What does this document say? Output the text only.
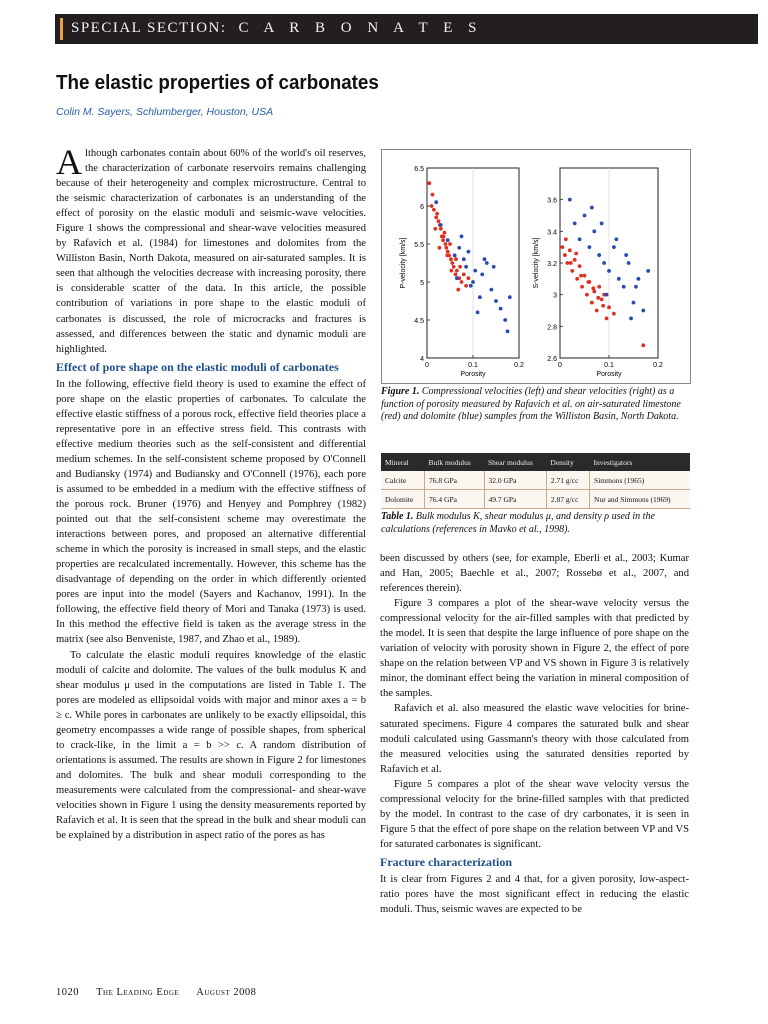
SPECIAL SECTION: C A R B O N A T E S
The elastic properties of carbonates
Colin M. Sayers, Schlumberger, Houston, USA

Although carbonates contain about 60% of the world's oil reserves, the characterization of carbonate reservoirs remains challenging because of their heterogeneity and complex microstructure. Central to the seismic characterization of carbonates is an understanding of the effect of porosity on the elastic moduli and seismic-wave velocities. Figure 1 shows the compressional and shear-wave velocities measured by Rafavich et al. (1984) for limestones and dolomites from the Williston Basin, North Dakota, measured on air-saturated samples. It is seen that although the velocities decrease with increasing porosity, there is considerable scatter of the data. In this article, the possible contribution of variations in pore shape to the elastic moduli of carbonates is discussed, the role of microcracks and fractures is assessed, and differences between the static and dynamic moduli are highlighted.

Effect of pore shape on the elastic moduli of carbonates

In the following, effective field theory is used to examine the effect of pore shape on the elastic properties of carbonates. To calculate the effective elastic stiffness of a porous rock, effective field theories place a representative pore in an effective stress field. This contrasts with effective medium theories such as the self-consistent and differential medium schemes. In the self-consistent scheme proposed by O'Connell and Budiansky (1974) and Budiansky and O'Connell (1976), each pore is assumed to be embedded in a medium with the effective stiffness of the porous rock. Bruner (1976) and Henyey and Pomphrey (1982) pointed out that the self-consistent scheme may overestimate the interactions between pores, and proposed an alternative differential scheme in which the porosity is increased in small steps, and the elastic properties are recalculated incrementally. However, this scheme has the disadvantage of depending on the order in which differently oriented pores are input into the model (Sayers and Kachanov, 1991). In the following, the effective field theory of Mori and Tanaka (1973) is used. In this method the effective field is taken as the average stress in the matrix (see also Benveniste, 1987, and Zhao et al., 1989).

To calculate the elastic moduli requires knowledge of the elastic moduli of calcite and dolomite. The values of the bulk modulus K and shear modulus μ used in the computations are listed in Table 1. The pores are modeled as ellipsoidal voids with major and minor axes a = b ≥ c. While pores in carbonates are unlikely to be exactly ellipsoidal, this geometry encompasses a wide range of possible shapes, from spherical to crack-like, in the limit a = b >> c. A random distribution of orientations is assumed. The results are shown in Figure 2 for limestones and dolomites. The bulk and shear moduli corresponding to the measurements were calculated from the compressional- and shear-wave velocities shown in Figure 1 using the density measurements reported by Rafavich et al. It is seen that the spread in the bulk and shear moduli can be explained by a distribution in aspect ratio of the pores as has

4
4.5
5
5.5
6
6.5
0	0.1	0.2
Porosity
P-velocity [km/s]
2.6
2.8
3
3.2
3.4
3.6
0	0.1	0.2
Porosity
S-velocity [km/s]
Figure 1. Compressional velocities (left) and shear velocities (right) as a function of porosity measured by Rafavich et al. on air-saturated limestone (red) and dolomite (blue) samples from the Williston Basin, North Dakota.
Mineral	Bulk modulus	Shear modulus	Density	Investigators
Calcite	76.8 GPa	32.0 GPa	2.71 g/cc	Simmons (1965)
Dolomite	76.4 GPa	49.7 GPa	2.87 g/cc	Nur and Simmons (1969)
Table 1. Bulk modulus K, shear modulus μ, and density ρ used in the calculations (references in Mavko et al., 1998).

been discussed by others (see, for example, Eberli et al., 2003; Kumar and Han, 2005; Baechle et al., 2007; Rossebø et al., 2007, and references therein).

Figure 3 compares a plot of the shear-wave velocity versus the compressional velocity for the air-filled samples with that predicted by the model. It is seen that despite the large influence of pore shape on the variation of velocity with porosity shown in Figure 2, the effect of pore shape on the relation between VP and VS shown in Figure 3 is relatively minor, the dominant effect being the variation in mineral composition of the samples.

Rafavich et al. also measured the elastic wave velocities for brine-saturated specimens. Figure 4 compares the saturated bulk and shear moduli calculated using Gassmann's theory with those calculated from the measured velocities using the saturated densities reported by Rafavich et al.

Figure 5 compares a plot of the shear wave velocity versus the compressional velocity for the brine-filled samples with that predicted by the model. In contrast to the case of dry carbonates, it is seen in Figure 5 that the effect of pore shape on the relation between VP and VS for saturated carbonates is significant.

Fracture characterization

It is clear from Figures 2 and 4 that, for a given porosity, low-aspect-ratio pores have the most significant effect in reducing the elastic moduli. Thus, seismic waves are expected to be

1020 The Leading Edge August 2008
